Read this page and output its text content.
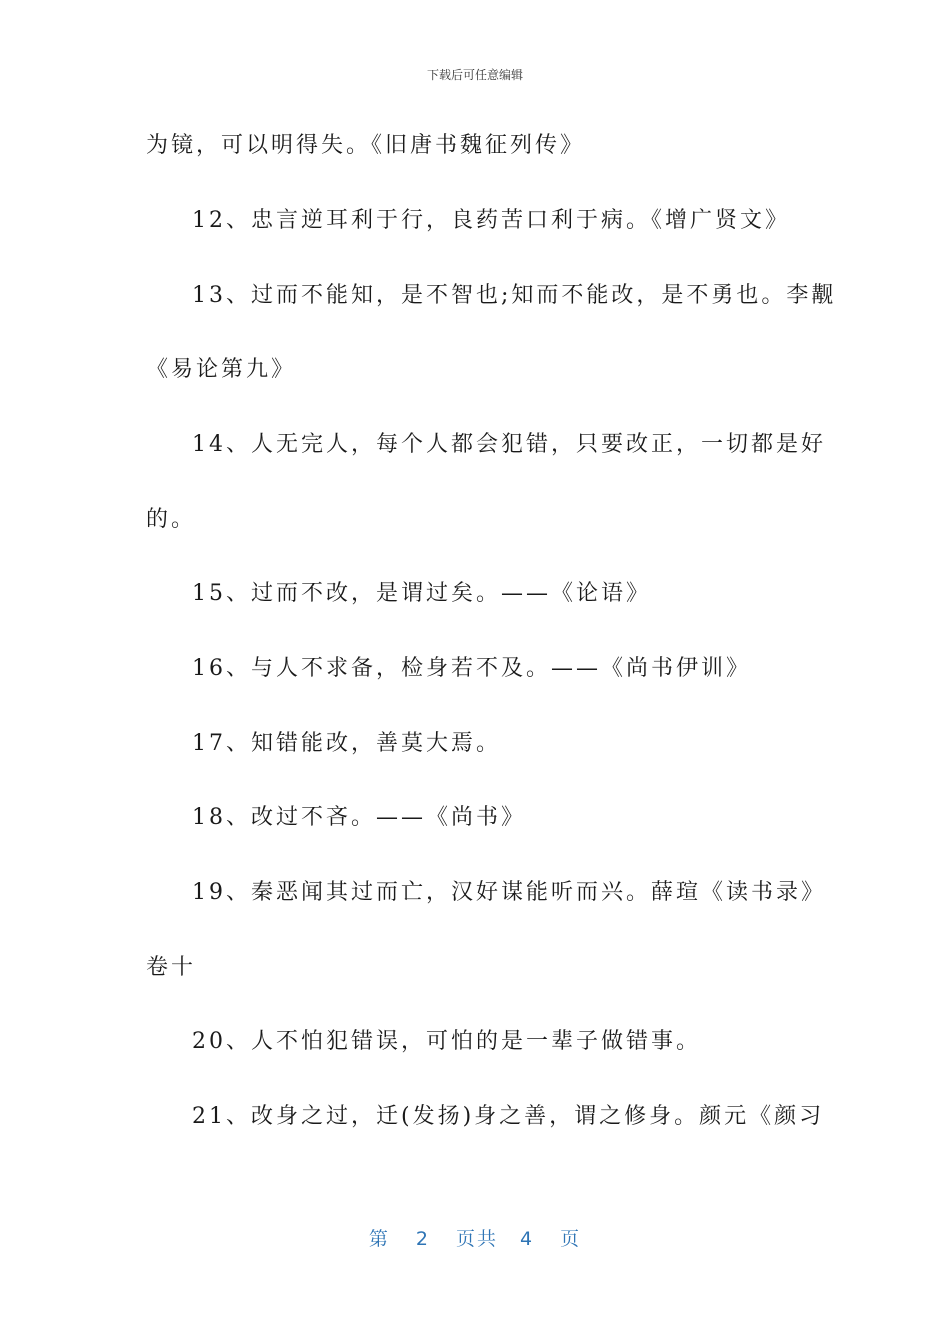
下载后可任意编辑
为镜，可以明得失。《旧唐书魏征列传》
12、忠言逆耳利于行，良药苦口利于病。《增广贤文》
13、过而不能知，是不智也;知而不能改，是不勇也。李觏
《易论第九》
14、人无完人，每个人都会犯错，只要改正，一切都是好
的。
15、过而不改，是谓过矣。——《论语》
16、与人不求备，检身若不及。——《尚书伊训》
17、知错能改，善莫大焉。
18、改过不吝。——《尚书》
19、秦恶闻其过而亡，汉好谋能听而兴。薛瑄《读书录》
卷十
20、人不怕犯错误，可怕的是一辈子做错事。
21、改身之过，迁(发扬)身之善，谓之修身。颜元《颜习
第 2 页共 4 页
